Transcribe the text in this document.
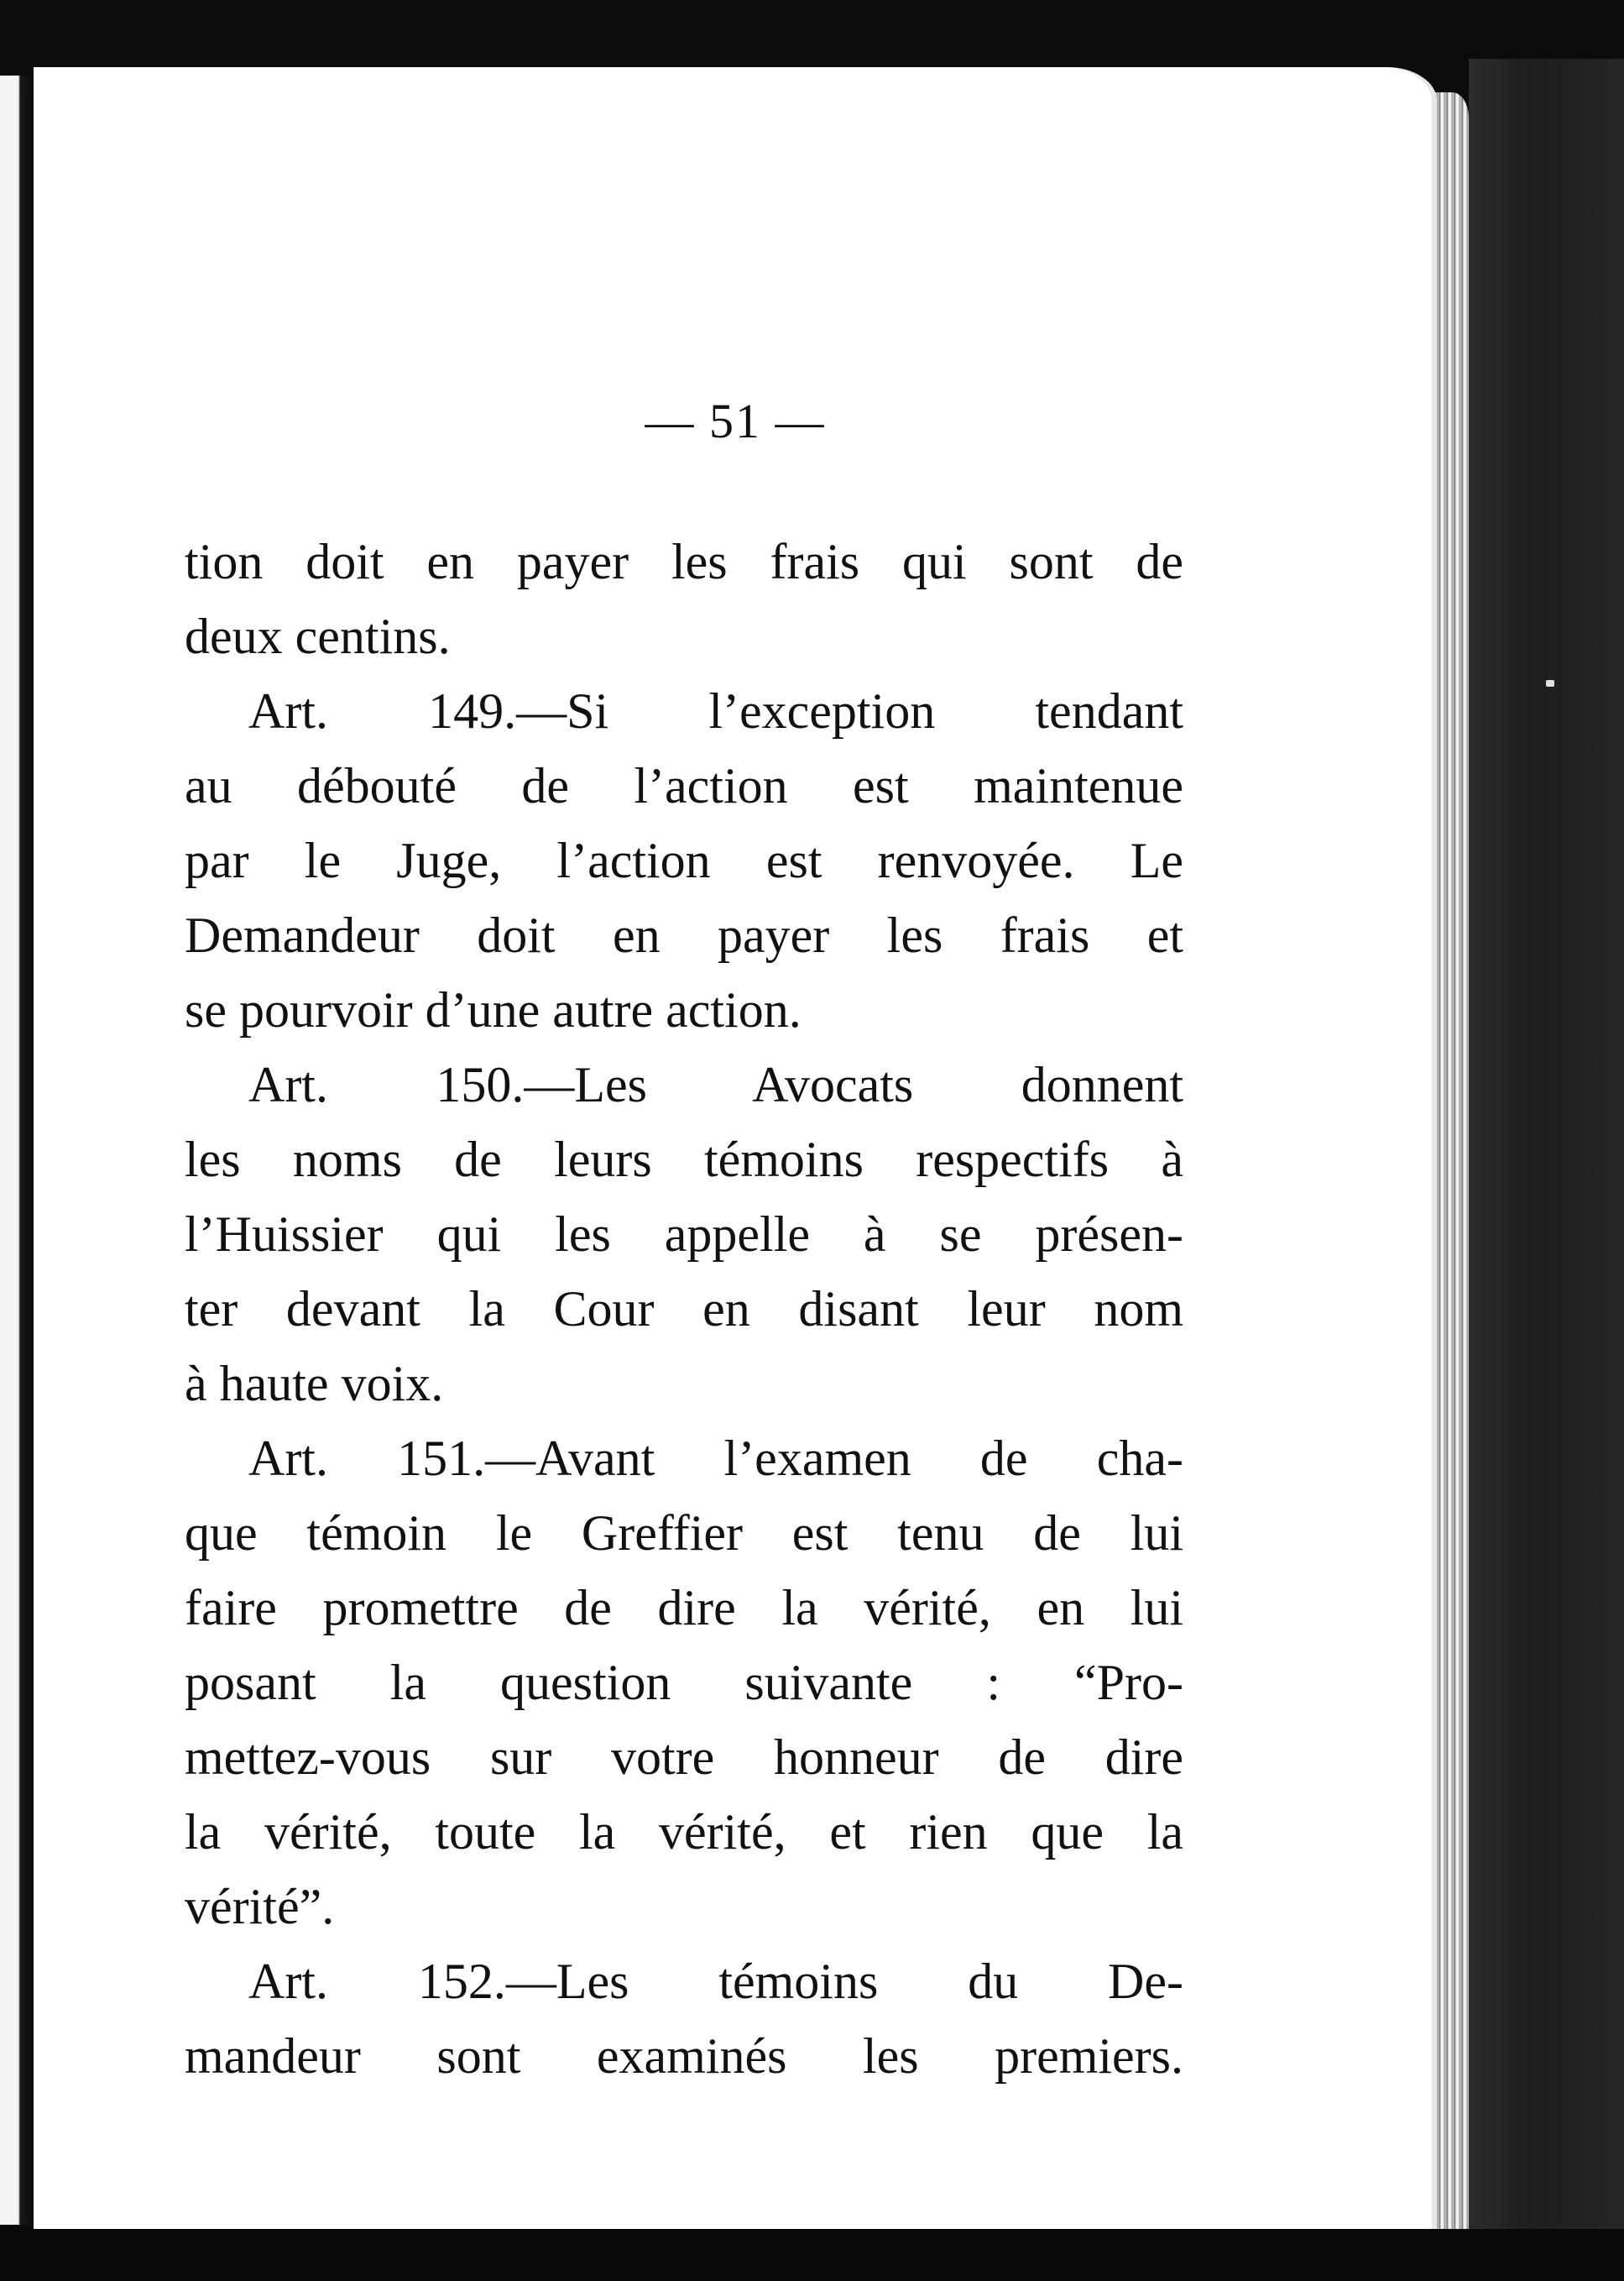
— 51 —
tion doit en payer les frais qui sont de
deux centins.
Art. 149.—Si l’exception tendant
au débouté de l’action est maintenue
par le Juge, l’action est renvoyée. Le
Demandeur doit en payer les frais et
se pourvoir d’une autre action.
Art. 150.—Les Avocats donnent
les noms de leurs témoins respectifs à
l’Huissier qui les appelle à se présen-
ter devant la Cour en disant leur nom
à haute voix.
Art. 151.—Avant l’examen de cha-
que témoin le Greffier est tenu de lui
faire promettre de dire la vérité, en lui
posant la question suivante : “Pro-
mettez-vous sur votre honneur de dire
la vérité, toute la vérité, et rien que la
vérité”.
Art. 152.—Les témoins du De-
mandeur sont examinés les premiers.
